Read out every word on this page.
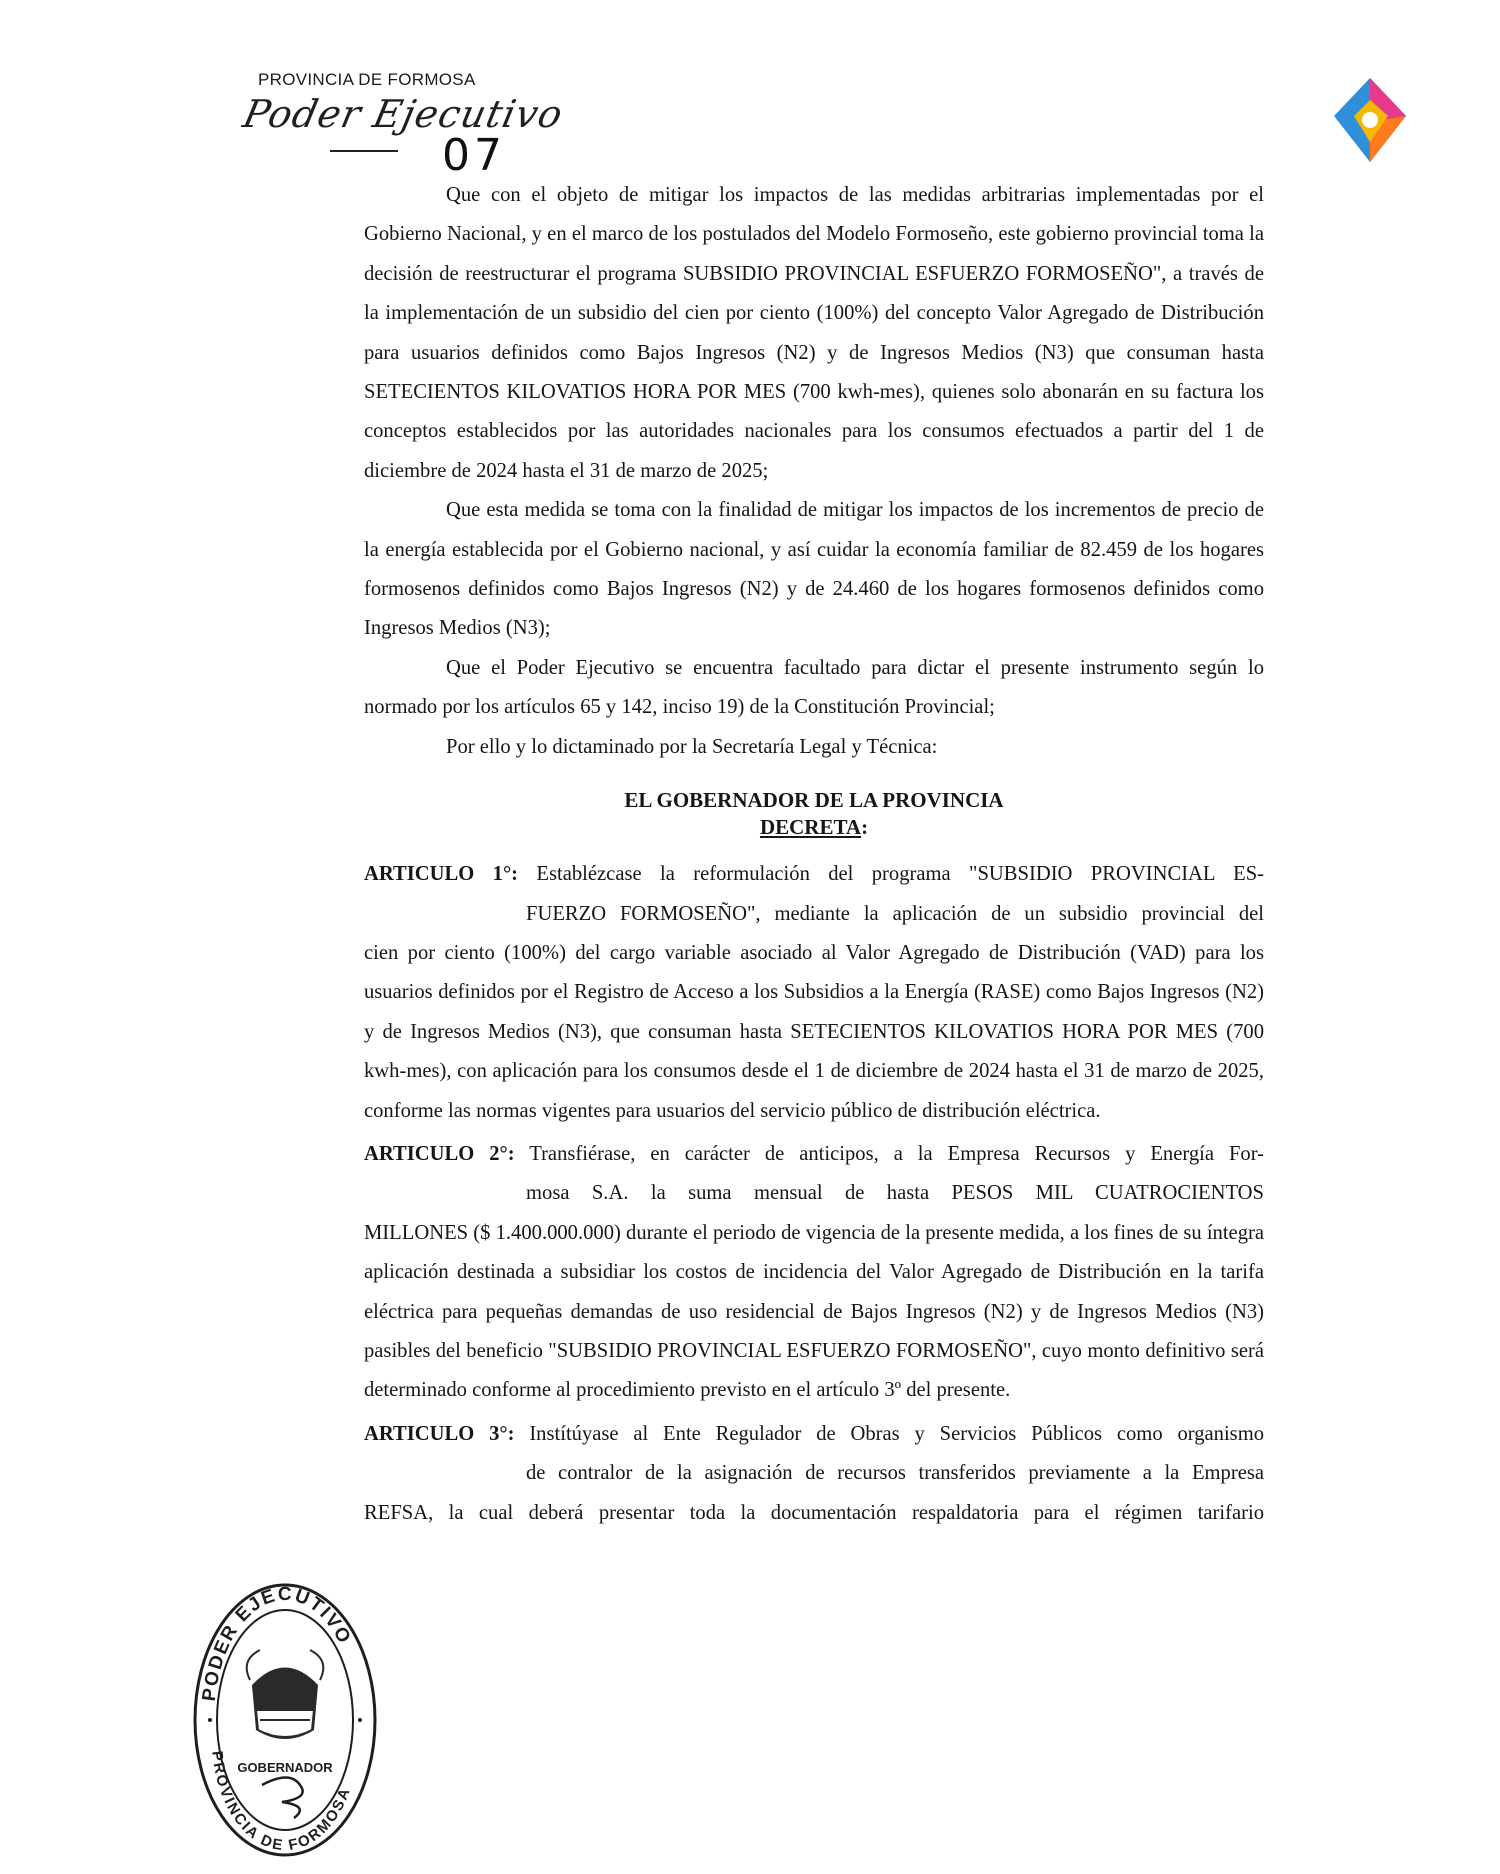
PROVINCIA DE FORMOSA
Poder Ejecutivo
07

Que con el objeto de mitigar los impactos de las medidas arbitrarias implementadas por el Gobierno Nacional, y en el marco de los postulados del Modelo Formoseño, este gobierno provincial toma la decisión de reestructurar el programa SUBSIDIO PROVINCIAL ESFUERZO FORMOSEÑO", a través de la implementación de un subsidio del cien por ciento (100%) del concepto Valor Agregado de Distribución para usuarios definidos como Bajos Ingresos (N2) y de Ingresos Medios (N3) que consuman hasta SETECIENTOS KILOVATIOS HORA POR MES (700 kwh-mes), quienes solo abonarán en su factura los conceptos establecidos por las autoridades nacionales para los consumos efectuados a partir del 1 de diciembre de 2024 hasta el 31 de marzo de 2025;

Que esta medida se toma con la finalidad de mitigar los impactos de los incrementos de precio de la energía establecida por el Gobierno nacional, y así cuidar la economía familiar de 82.459 de los hogares formosenos definidos como Bajos Ingresos (N2) y de 24.460 de los hogares formosenos definidos como Ingresos Medios (N3);

Que el Poder Ejecutivo se encuentra facultado para dictar el presente instrumento según lo normado por los artículos 65 y 142, inciso 19) de la Constitución Provincial;

Por ello y lo dictaminado por la Secretaría Legal y Técnica:

EL GOBERNADOR DE LA PROVINCIA
DECRETA:
ARTICULO 1°: Establézcase la reformulación del programa "SUBSIDIO PROVINCIAL ES-
FUERZO FORMOSEÑO", mediante la aplicación de un subsidio provincial del
cien por ciento (100%) del cargo variable asociado al Valor Agregado de Distribución (VAD) para los usuarios definidos por el Registro de Acceso a los Subsidios a la Energía (RASE) como Bajos Ingresos (N2) y de Ingresos Medios (N3), que consuman hasta SETECIENTOS KILOVATIOS HORA POR MES (700 kwh-mes), con aplicación para los consumos desde el 1 de diciembre de 2024 hasta el 31 de marzo de 2025, conforme las normas vigentes para usuarios del servicio público de distribución eléctrica.
ARTICULO 2°: Transfiérase, en carácter de anticipos, a la Empresa Recursos y Energía For-
mosa S.A. la suma mensual de hasta PESOS MIL CUATROCIENTOS
MILLONES ($ 1.400.000.000) durante el periodo de vigencia de la presente medida, a los fines de su íntegra aplicación destinada a subsidiar los costos de incidencia del Valor Agregado de Distribución en la tarifa eléctrica para pequeñas demandas de uso residencial de Bajos Ingresos (N2) y de Ingresos Medios (N3) pasibles del beneficio "SUBSIDIO PROVINCIAL ESFUERZO FORMOSEÑO", cuyo monto definitivo será determinado conforme al procedimiento previsto en el artículo 3º del presente.
ARTICULO 3°: Instítúyase al Ente Regulador de Obras y Servicios Públicos como organismo
de contralor de la asignación de recursos transferidos previamente a la Empresa
REFSA, la cual deberá presentar toda la documentación respaldatoria para el régimen tarifario
PODER EJECUTIVO
PROVINCIA DE FORMOSA
GOBERNADOR
